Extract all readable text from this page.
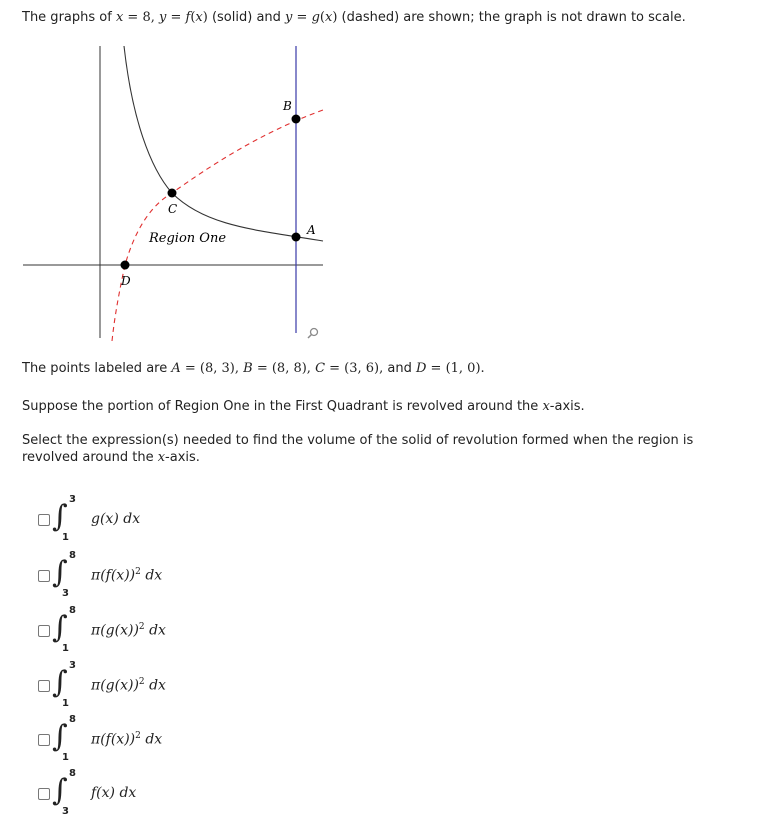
The graphs of x = 8, y = f(x) (solid) and y = g(x) (dashed) are shown; the graph is not drawn to scale.
A
B
C
D
Region One
The points labeled are A = (8, 3), B = (8, 8), C = (3, 6), and D = (1, 0).
Suppose the portion of Region One in the First Quadrant is revolved around the x-axis.
Select the expression(s) needed to find the volume of the solid of revolution formed when the region is
revolved around the x-axis.
∫ 3
1
g(x) dx
∫ 8
3
$\pi(f(x))^2$ dx
∫ 8
1
$\pi(g(x))^2$ dx
∫ 3
1
$\pi(g(x))^2$ dx
∫ 8
1
$\pi(f(x))^2$ dx
∫ 8
3
f(x) dx
